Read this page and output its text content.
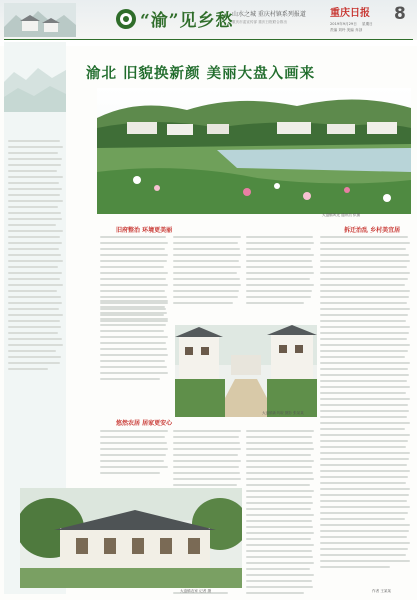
“渝”见乡愁
山水之城 重庆村镇系列报道
重庆市委宣传部 重庆日报联合推出
重庆日报 8
2019年9月29日 星期日
责编 刘玲 美编 乔剑
渝北 旧貌换新颜 美丽大盘入画来
大盘镇风光 通讯员 供图
旧府整治 环境更美丽	拆迁治乱 乡村美宜居
悠然农居 居家更安心
大盘镇新风貌 摄影 张某某
大盘镇农家 记者 摄	作者 王某某
